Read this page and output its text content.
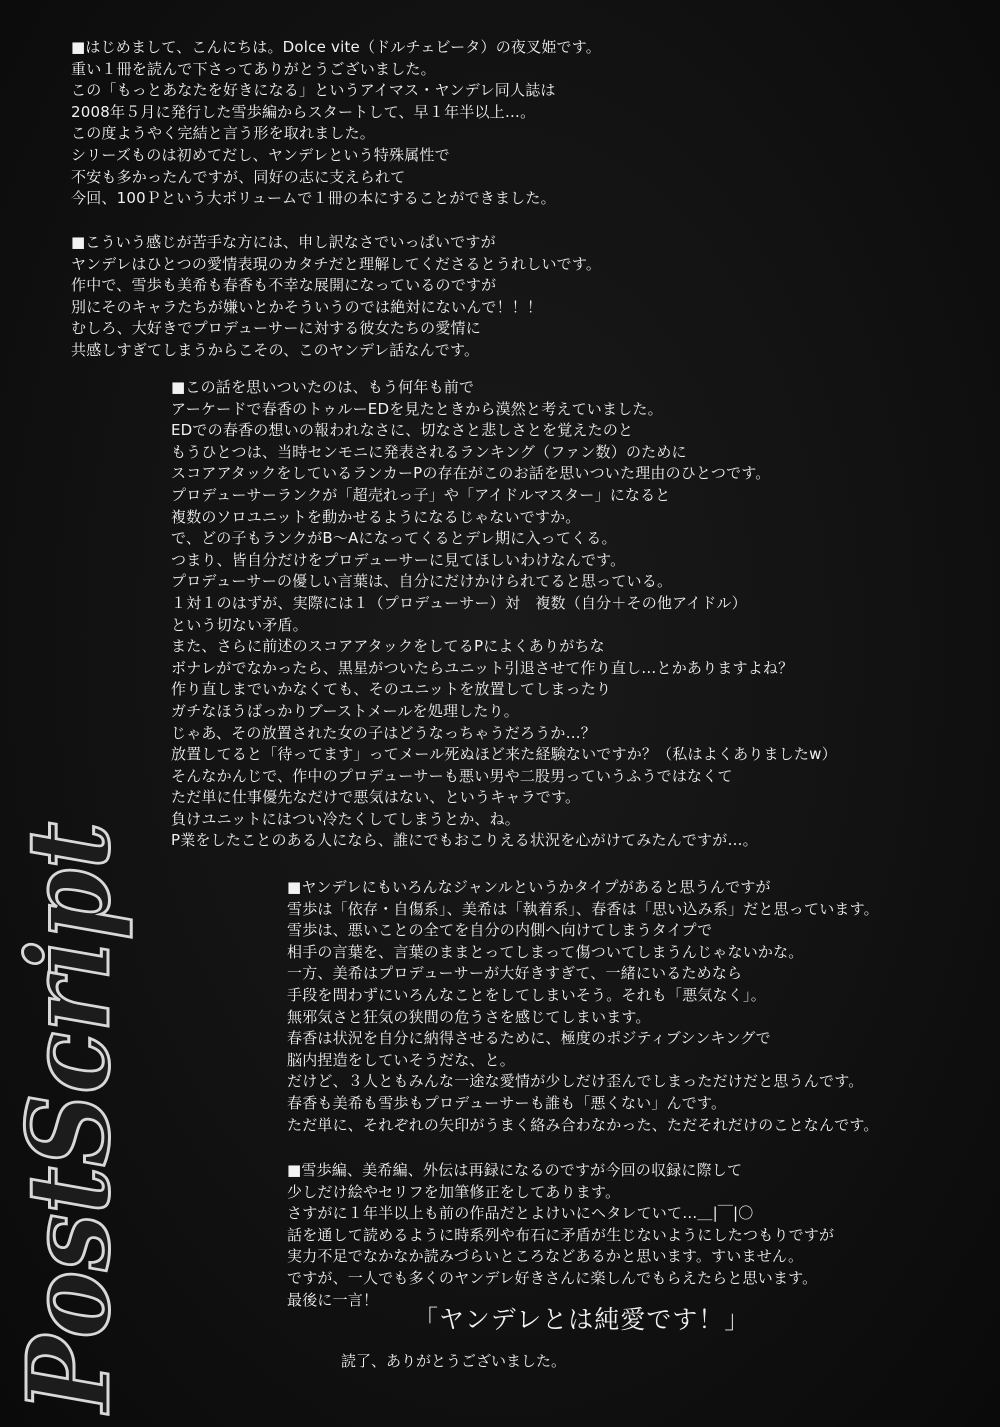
■はじめまして、こんにちは。Dolce vite（ドルチェビータ）の夜叉姫です。
重い１冊を読んで下さってありがとうございました。
この「もっとあなたを好きになる」というアイマス・ヤンデレ同人誌は
2008年５月に発行した雪歩編からスタートして、早１年半以上…。
この度ようやく完結と言う形を取れました。
シリーズものは初めてだし、ヤンデレという特殊属性で
不安も多かったんですが、同好の志に支えられて
今回、100Ｐという大ボリュームで１冊の本にすることができました。
■こういう感じが苦手な方には、申し訳なさでいっぱいですが
ヤンデレはひとつの愛情表現のカタチだと理解してくださるとうれしいです。
作中で、雪歩も美希も春香も不幸な展開になっているのですが
別にそのキャラたちが嫌いとかそういうのでは絶対にないんで！！！
むしろ、大好きでプロデューサーに対する彼女たちの愛情に
共感しすぎてしまうからこその、このヤンデレ話なんです。
■この話を思いついたのは、もう何年も前で
アーケードで春香のトゥルーEDを見たときから漠然と考えていました。
EDでの春香の想いの報われなさに、切なさと悲しさとを覚えたのと
もうひとつは、当時センモニに発表されるランキング（ファン数）のために
スコアアタックをしているランカーPの存在がこのお話を思いついた理由のひとつです。
プロデューサーランクが「超売れっ子」や「アイドルマスター」になると
複数のソロユニットを動かせるようになるじゃないですか。
で、どの子もランクがB～Aになってくるとデレ期に入ってくる。
つまり、皆自分だけをプロデューサーに見てほしいわけなんです。
プロデューサーの優しい言葉は、自分にだけかけられてると思っている。
１対１のはずが、実際には１（プロデューサー）対　複数（自分＋その他アイドル）
という切ない矛盾。
また、さらに前述のスコアアタックをしてるPによくありがちな
ボナレがでなかったら、黒星がついたらユニット引退させて作り直し…とかありますよね？
作り直しまでいかなくても、そのユニットを放置してしまったり
ガチなほうばっかりブーストメールを処理したり。
じゃあ、その放置された女の子はどうなっちゃうだろうか…？
放置してると「待ってます」ってメール死ぬほど来た経験ないですか？（私はよくありましたw）
そんなかんじで、作中のプロデューサーも悪い男や二股男っていうふうではなくて
ただ単に仕事優先なだけで悪気はない、というキャラです。
負けユニットにはつい冷たくしてしまうとか、ね。
P業をしたことのある人になら、誰にでもおこりえる状況を心がけてみたんですが…。
■ヤンデレにもいろんなジャンルというかタイプがあると思うんですが
雪歩は「依存・自傷系」、美希は「執着系」、春香は「思い込み系」だと思っています。
雪歩は、悪いことの全てを自分の内側へ向けてしまうタイプで
相手の言葉を、言葉のままとってしまって傷ついてしまうんじゃないかな。
一方、美希はプロデューサーが大好きすぎて、一緒にいるためなら
手段を問わずにいろんなことをしてしまいそう。それも「悪気なく」。
無邪気さと狂気の狭間の危うさを感じてしまいます。
春香は状況を自分に納得させるために、極度のポジティブシンキングで
脳内捏造をしていそうだな、と。
だけど、３人ともみんな一途な愛情が少しだけ歪んでしまっただけだと思うんです。
春香も美希も雪歩もプロデューサーも誰も「悪くない」んです。
ただ単に、それぞれの矢印がうまく絡み合わなかった、ただそれだけのことなんです。
■雪歩編、美希編、外伝は再録になるのですが今回の収録に際して
少しだけ絵やセリフを加筆修正をしてあります。
さすがに１年半以上も前の作品だとよけいにヘタレていて…＿|￣|〇
話を通して読めるように時系列や布石に矛盾が生じないようにしたつもりですが
実力不足でなかなか読みづらいところなどあるかと思います。すいません。
ですが、一人でも多くのヤンデレ好きさんに楽しんでもらえたらと思います。
最後に一言！
「ヤンデレとは純愛です！」
読了、ありがとうございました。
PostScript
